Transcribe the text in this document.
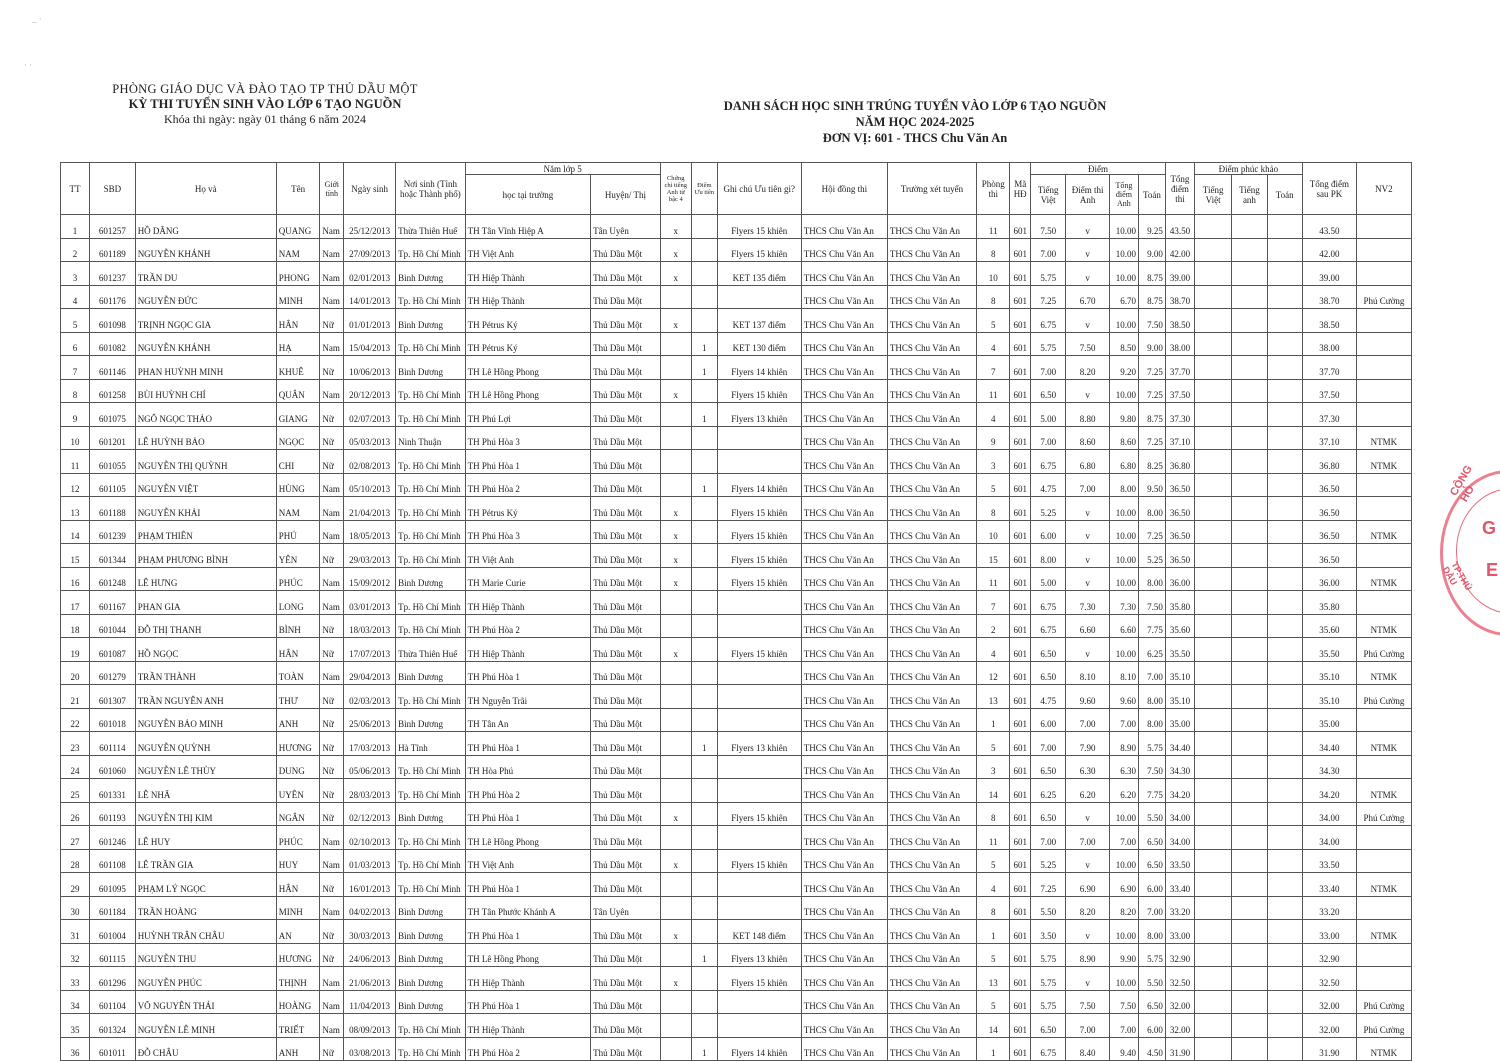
_ ·
· ·
PHÒNG GIÁO DỤC VÀ ĐÀO TẠO TP THỦ DẦU MỘT
KỲ THI TUYỂN SINH VÀO LỚP 6 TẠO NGUỒN
Khóa thi ngày: ngày 01 tháng 6 năm 2024
DANH SÁCH HỌC SINH TRÚNG TUYỂN VÀO LỚP 6 TẠO NGUỒN
NĂM HỌC 2024-2025
ĐƠN VỊ: 601 - THCS Chu Văn An
CỘNG HÒ
TP.THỦ DẦU
G
E
TT	SBD	Họ và	Tên	Giới tính	Ngày sinh	Nơi sinh (Tỉnh hoặc Thành phố)	Năm lớp 5		Chứng chỉ tiếng Anh từ bậc 4	Điểm Ưu tiên	Ghi chú Ưu tiên gì?	Hội đồng thi	Trường xét tuyển	Phòng thi	Mã HĐ	Điểm				Tổng điểm thi	Điểm phúc khảo			Tổng điểm sau PK	NV2
							học tại trường	Huyện/ Thị								Tiếng Việt	Điểm thi Anh	Tổng điểm Anh	Toán		Tiếng Việt	Tiếng anh	Toán		
1	601257	HỒ DĂNG	QUANG	Nam	25/12/2013	Thừa Thiên Huế	TH Tân Vĩnh Hiệp A	Tân Uyên	x		Flyers 15 khiên	THCS Chu Văn An	THCS Chu Văn An	11	601	7.50	v	10.00	9.25	43.50				43.50	
2	601189	NGUYỄN KHÁNH	NAM	Nam	27/09/2013	Tp. Hồ Chí Minh	TH Việt Anh	Thủ Dầu Một	x		Flyers 15 khiên	THCS Chu Văn An	THCS Chu Văn An	8	601	7.00	v	10.00	9.00	42.00				42.00	
3	601237	TRẦN DU	PHONG	Nam	02/01/2013	Bình Dương	TH Hiệp Thành	Thủ Dầu Một	x		KET 135 điểm	THCS Chu Văn An	THCS Chu Văn An	10	601	5.75	v	10.00	8.75	39.00				39.00	
4	601176	NGUYỄN ĐỨC	MINH	Nam	14/01/2013	Tp. Hồ Chí Minh	TH Hiệp Thành	Thủ Dầu Một				THCS Chu Văn An	THCS Chu Văn An	8	601	7.25	6.70	6.70	8.75	38.70				38.70	Phú Cường
5	601098	TRỊNH NGỌC GIA	HÂN	Nữ	01/01/2013	Bình Dương	TH Pétrus Ký	Thủ Dầu Một	x		KET 137 điểm	THCS Chu Văn An	THCS Chu Văn An	5	601	6.75	v	10.00	7.50	38.50				38.50	
6	601082	NGUYỄN KHÁNH	HẠ	Nam	15/04/2013	Tp. Hồ Chí Minh	TH Pétrus Ký	Thủ Dầu Một		1	KET 130 điểm	THCS Chu Văn An	THCS Chu Văn An	4	601	5.75	7.50	8.50	9.00	38.00				38.00	
7	601146	PHAN HUỲNH MINH	KHUÊ	Nữ	10/06/2013	Bình Dương	TH Lê Hồng Phong	Thủ Dầu Một		1	Flyers 14 khiên	THCS Chu Văn An	THCS Chu Văn An	7	601	7.00	8.20	9.20	7.25	37.70				37.70	
8	601258	BÙI HUỲNH CHÍ	QUÂN	Nam	20/12/2013	Tp. Hồ Chí Minh	TH Lê Hồng Phong	Thủ Dầu Một	x		Flyers 15 khiên	THCS Chu Văn An	THCS Chu Văn An	11	601	6.50	v	10.00	7.25	37.50				37.50	
9	601075	NGÔ NGỌC THẢO	GIANG	Nữ	02/07/2013	Tp. Hồ Chí Minh	TH Phú Lợi	Thủ Dầu Một		1	Flyers 13 khiên	THCS Chu Văn An	THCS Chu Văn An	4	601	5.00	8.80	9.80	8.75	37.30				37.30	
10	601201	LÊ HUỲNH BẢO	NGỌC	Nữ	05/03/2013	Ninh Thuận	TH Phú Hòa 3	Thủ Dầu Một				THCS Chu Văn An	THCS Chu Văn An	9	601	7.00	8.60	8.60	7.25	37.10				37.10	NTMK
11	601055	NGUYỄN THỊ QUỲNH	CHI	Nữ	02/08/2013	Tp. Hồ Chí Minh	TH Phú Hòa 1	Thủ Dầu Một				THCS Chu Văn An	THCS Chu Văn An	3	601	6.75	6.80	6.80	8.25	36.80				36.80	NTMK
12	601105	NGUYỄN VIỆT	HÙNG	Nam	05/10/2013	Tp. Hồ Chí Minh	TH Phú Hòa 2	Thủ Dầu Một		1	Flyers 14 khiên	THCS Chu Văn An	THCS Chu Văn An	5	601	4.75	7.00	8.00	9.50	36.50				36.50	
13	601188	NGUYỄN KHẢI	NAM	Nam	21/04/2013	Tp. Hồ Chí Minh	TH Pétrus Ký	Thủ Dầu Một	x		Flyers 15 khiên	THCS Chu Văn An	THCS Chu Văn An	8	601	5.25	v	10.00	8.00	36.50				36.50	
14	601239	PHẠM THIÊN	PHÚ	Nam	18/05/2013	Tp. Hồ Chí Minh	TH Phú Hòa 3	Thủ Dầu Một	x		Flyers 15 khiên	THCS Chu Văn An	THCS Chu Văn An	10	601	6.00	v	10.00	7.25	36.50				36.50	NTMK
15	601344	PHẠM PHƯƠNG BÌNH	YÊN	Nữ	29/03/2013	Tp. Hồ Chí Minh	TH Việt Anh	Thủ Dầu Một	x		Flyers 15 khiên	THCS Chu Văn An	THCS Chu Văn An	15	601	8.00	v	10.00	5.25	36.50				36.50	
16	601248	LÊ HƯNG	PHÚC	Nam	15/09/2012	Bình Dương	TH Marie Curie	Thủ Dầu Một	x		Flyers 15 khiên	THCS Chu Văn An	THCS Chu Văn An	11	601	5.00	v	10.00	8.00	36.00				36.00	NTMK
17	601167	PHAN GIA	LONG	Nam	03/01/2013	Tp. Hồ Chí Minh	TH Hiệp Thành	Thủ Dầu Một				THCS Chu Văn An	THCS Chu Văn An	7	601	6.75	7.30	7.30	7.50	35.80				35.80	
18	601044	ĐỖ THỊ THANH	BÌNH	Nữ	18/03/2013	Tp. Hồ Chí Minh	TH Phú Hòa 2	Thủ Dầu Một				THCS Chu Văn An	THCS Chu Văn An	2	601	6.75	6.60	6.60	7.75	35.60				35.60	NTMK
19	601087	HỒ NGỌC	HÂN	Nữ	17/07/2013	Thừa Thiên Huế	TH Hiệp Thành	Thủ Dầu Một	x		Flyers 15 khiên	THCS Chu Văn An	THCS Chu Văn An	4	601	6.50	v	10.00	6.25	35.50				35.50	Phú Cường
20	601279	TRẦN THÀNH	TOÀN	Nam	29/04/2013	Bình Dương	TH Phú Hòa 1	Thủ Dầu Một				THCS Chu Văn An	THCS Chu Văn An	12	601	6.50	8.10	8.10	7.00	35.10				35.10	NTMK
21	601307	TRẦN NGUYÊN ANH	THƯ	Nữ	02/03/2013	Tp. Hồ Chí Minh	TH Nguyễn Trãi	Thủ Dầu Một				THCS Chu Văn An	THCS Chu Văn An	13	601	4.75	9.60	9.60	8.00	35.10				35.10	Phú Cường
22	601018	NGUYỄN BẢO MINH	ANH	Nữ	25/06/2013	Bình Dương	TH Tân An	Thủ Dầu Một				THCS Chu Văn An	THCS Chu Văn An	1	601	6.00	7.00	7.00	8.00	35.00				35.00	
23	601114	NGUYỄN QUỲNH	HƯƠNG	Nữ	17/03/2013	Hà Tĩnh	TH Phú Hòa 1	Thủ Dầu Một		1	Flyers 13 khiên	THCS Chu Văn An	THCS Chu Văn An	5	601	7.00	7.90	8.90	5.75	34.40				34.40	NTMK
24	601060	NGUYỄN LÊ THÙY	DUNG	Nữ	05/06/2013	Tp. Hồ Chí Minh	TH Hòa Phú	Thủ Dầu Một				THCS Chu Văn An	THCS Chu Văn An	3	601	6.50	6.30	6.30	7.50	34.30				34.30	
25	601331	LÊ NHÃ	UYÊN	Nữ	28/03/2013	Tp. Hồ Chí Minh	TH Phú Hòa 2	Thủ Dầu Một				THCS Chu Văn An	THCS Chu Văn An	14	601	6.25	6.20	6.20	7.75	34.20				34.20	NTMK
26	601193	NGUYỄN THỊ KIM	NGÂN	Nữ	02/12/2013	Bình Dương	TH Phú Hòa 1	Thủ Dầu Một	x		Flyers 15 khiên	THCS Chu Văn An	THCS Chu Văn An	8	601	6.50	v	10.00	5.50	34.00				34.00	Phú Cường
27	601246	LÊ HUY	PHÚC	Nam	02/10/2013	Tp. Hồ Chí Minh	TH Lê Hồng Phong	Thủ Dầu Một				THCS Chu Văn An	THCS Chu Văn An	11	601	7.00	7.00	7.00	6.50	34.00				34.00	
28	601108	LÊ TRẦN GIA	HUY	Nam	01/03/2013	Tp. Hồ Chí Minh	TH Việt Anh	Thủ Dầu Một	x		Flyers 15 khiên	THCS Chu Văn An	THCS Chu Văn An	5	601	5.25	v	10.00	6.50	33.50				33.50	
29	601095	PHẠM LÝ NGỌC	HÂN	Nữ	16/01/2013	Tp. Hồ Chí Minh	TH Phú Hòa 1	Thủ Dầu Một				THCS Chu Văn An	THCS Chu Văn An	4	601	7.25	6.90	6.90	6.00	33.40				33.40	NTMK
30	601184	TRẦN HOÀNG	MINH	Nam	04/02/2013	Bình Dương	TH Tân Phước Khánh A	Tân Uyên				THCS Chu Văn An	THCS Chu Văn An	8	601	5.50	8.20	8.20	7.00	33.20				33.20	
31	601004	HUỲNH TRÂN CHÂU	AN	Nữ	30/03/2013	Bình Dương	TH Phú Hòa 1	Thủ Dầu Một	x		KET 148 điểm	THCS Chu Văn An	THCS Chu Văn An	1	601	3.50	v	10.00	8.00	33.00				33.00	NTMK
32	601115	NGUYỄN THU	HƯƠNG	Nữ	24/06/2013	Bình Dương	TH Lê Hồng Phong	Thủ Dầu Một		1	Flyers 13 khiên	THCS Chu Văn An	THCS Chu Văn An	5	601	5.75	8.90	9.90	5.75	32.90				32.90	
33	601296	NGUYỄN PHÚC	THỊNH	Nam	21/06/2013	Bình Dương	TH Hiệp Thành	Thủ Dầu Một	x		Flyers 15 khiên	THCS Chu Văn An	THCS Chu Văn An	13	601	5.75	v	10.00	5.50	32.50				32.50	
34	601104	VÕ NGUYÊN THÁI	HOÀNG	Nam	11/04/2013	Bình Dương	TH Phú Hòa 1	Thủ Dầu Một				THCS Chu Văn An	THCS Chu Văn An	5	601	5.75	7.50	7.50	6.50	32.00				32.00	Phú Cường
35	601324	NGUYỄN LÊ MINH	TRIẾT	Nam	08/09/2013	Tp. Hồ Chí Minh	TH Hiệp Thành	Thủ Dầu Một				THCS Chu Văn An	THCS Chu Văn An	14	601	6.50	7.00	7.00	6.00	32.00				32.00	Phú Cường
36	601011	ĐỖ CHÂU	ANH	Nữ	03/08/2013	Tp. Hồ Chí Minh	TH Phú Hòa 2	Thủ Dầu Một		1	Flyers 14 khiên	THCS Chu Văn An	THCS Chu Văn An	1	601	6.75	8.40	9.40	4.50	31.90				31.90	NTMK
